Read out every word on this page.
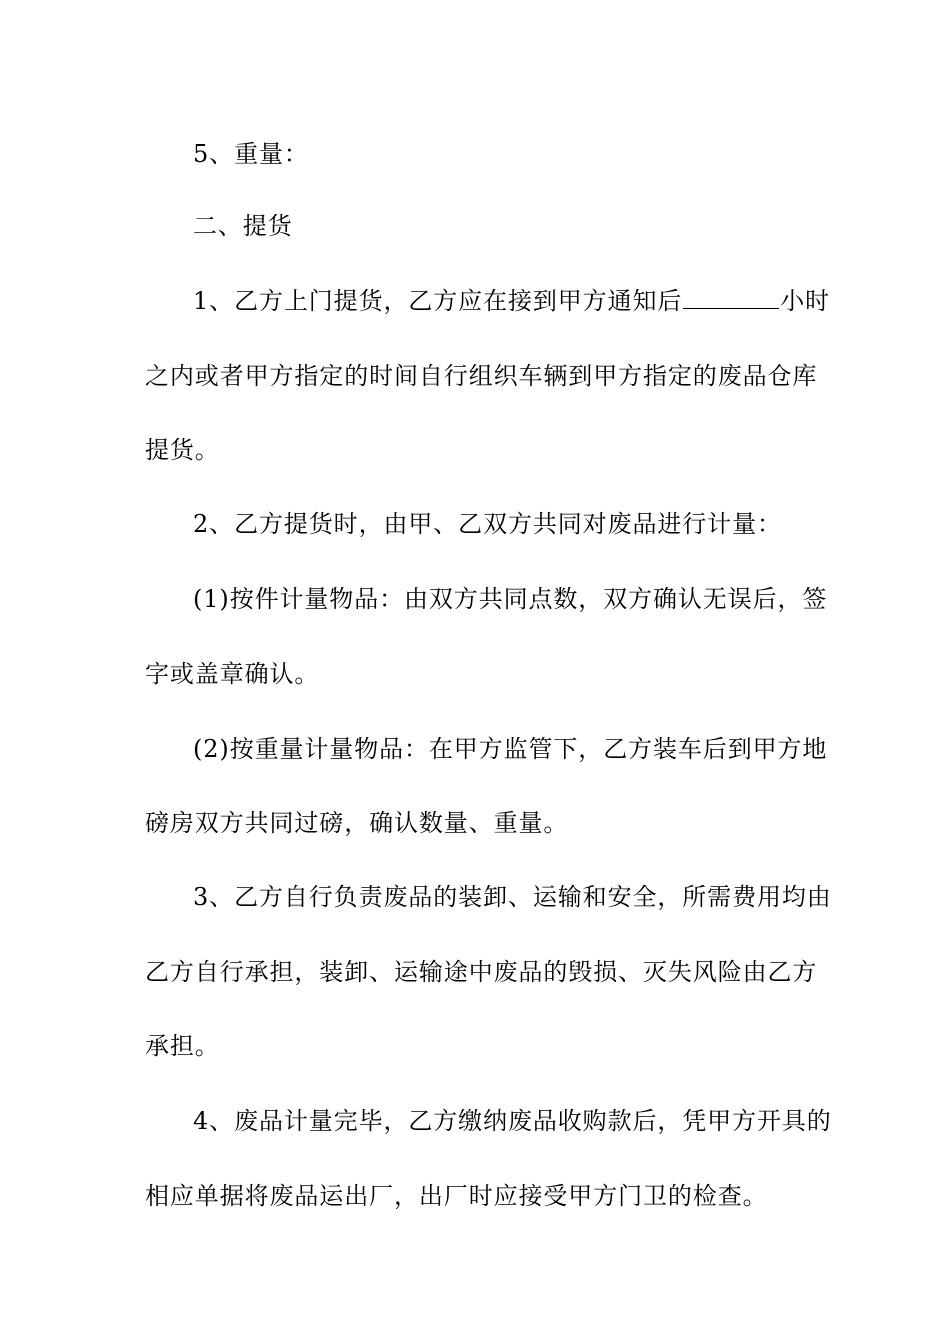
5、重量：
二、提货
1、乙方上门提货，乙方应在接到甲方通知后	小时
之内或者甲方指定的时间自行组织车辆到甲方指定的废品仓库
提货。
2、乙方提货时，由甲、乙双方共同对废品进行计量：
(1)按件计量物品：由双方共同点数，双方确认无误后，签
字或盖章确认。
(2)按重量计量物品：在甲方监管下，乙方装车后到甲方地
磅房双方共同过磅，确认数量、重量。
3、乙方自行负责废品的装卸、运输和安全，所需费用均由
乙方自行承担，装卸、运输途中废品的毁损、灭失风险由乙方
承担。
4、废品计量完毕，乙方缴纳废品收购款后，凭甲方开具的
相应单据将废品运出厂，出厂时应接受甲方门卫的检查。
